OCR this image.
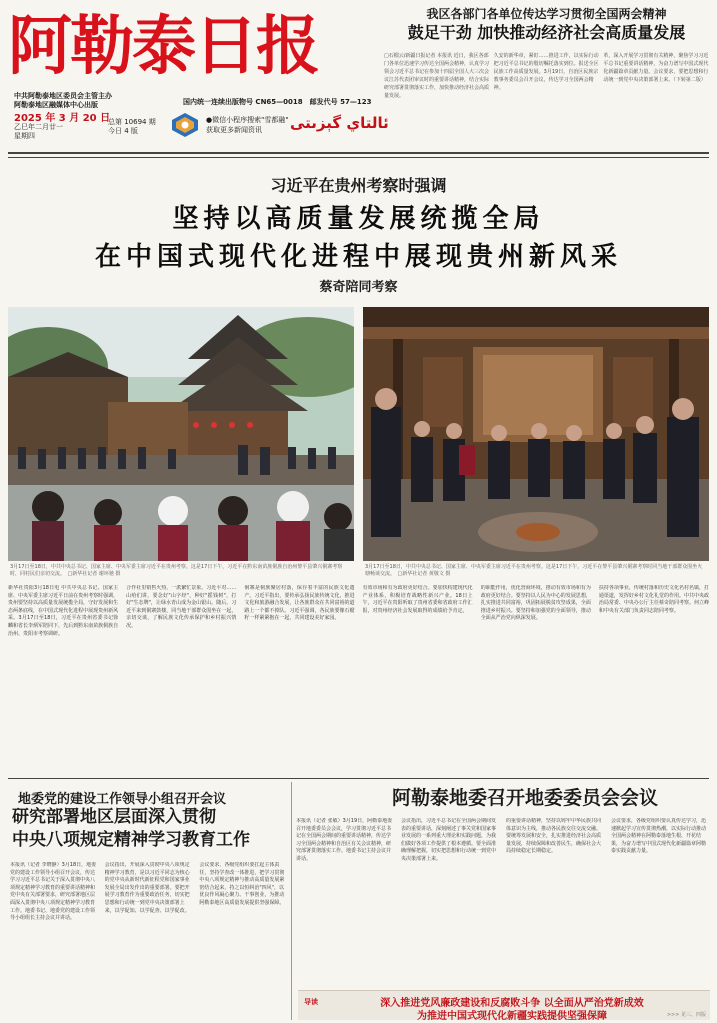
阿勒泰日报
中共阿勒泰地区委员会主管主办
阿勒泰地区融媒体中心出版	国内统一连续出版物号 CN65—0018　邮发代号 57—123
2025 年 3 月 20 日
乙巳年二月廿一
星期四
总第 10694 期
今日 4 版
●微信小程序搜索"雪都融"
获取更多新闻资讯	ئالتاي گېزىتى
我区各部门各单位传达学习贯彻全国两会精神
鼓足干劲 加快推动经济社会高质量发展

□石榴云/新疆日报记者 本报讯 近日，我区各部门各单位迅速学习传达全国两会精神，认真学习领会习近平总书记在参加十四届全国人大三次会议江苏代表团审议时的重要讲话精神，结合实际研究部署贯彻落实工作，加快推动经济社会高质量发展。

久安的新华章，紧盯……推进工作，以实际行动把习近平总书记的殷切嘱托落实到位。报送全区民族工作高质量发展。3月19日，自治区民族宗教事务委员会召开会议，传达学习全国两会精神。

革，深入开展学习贯彻有关精神，聚焦学习习近平总书记重要讲话精神，为奋力谱写中国式现代化新疆篇章贡献力量。会议要求，要把思想和行动统一到党中央决策部署上来。（下转第二版）

习近平在贵州考察时强调
坚持以高质量发展统揽全局
在中国式现代化进程中展现贵州新风采
蔡奇陪同考察
3月17日至18日，中共中央总书记、国家主席、中央军委主席习近平在贵州考察。这是17日下午，习近平在黔东南苗族侗族自治州黎平县肇兴侗寨考察时，同村民们亲切交流。　□新华社记者 谢环驰 摄
3月17日至18日，中共中央总书记、国家主席、中央军委主席习近平在贵州考察。这是17日下午，习近平在黎平县肇兴侗寨考察时同当地干部群众围坐火塘畅谈交流。　□新华社记者 黄敬文 摄

新华社贵阳3月18日电 中共中央总书记、国家主席、中央军委主席习近平日前在贵州考察时强调，贵州要坚持以高质量发展统揽全局，守好发展和生态两条底线，在中国式现代化进程中展现贵州新风采。3月17日至18日，习近平在贵州省委书记徐麟和省长李炳军陪同下，先后到黔东南苗族侗族自治州、贵阳市考察调研。

合作社里销售火热，一派繁忙景象。习近平对……山哈们讲，要念好"山字经"，种好"摇钱树"，打好"生态牌"，让绿水青山成为金山银山。随后，习近平来到侗寨鼓楼，同当地干部群众围坐在一起，亲切交谈，了解民族文化传承保护和乡村振兴情况。

侗寨是侗族聚居村落，保存着丰富的民族文化遗产。习近平指出，要传承弘扬民族传统文化，推进文化和旅游融合发展，让各族群众在共同富裕的道路上一个都不掉队。习近平强调，各民族要像石榴籽一样紧紧抱在一起，共同建设美好家园。

有效市场和有为政府更好结合。要加快构建现代化产业体系，积极培育战略性新兴产业。18日上午，习近平在贵阳听取了贵州省委和省政府工作汇报，对贵州经济社会发展取得的成绩给予肯定。

的职能作用，优化营商环境，推动有效市场和有为政府更好结合。要坚持以人民为中心的发展思想，扎实推进共同富裕，巩固拓展脱贫攻坚成果，全面推进乡村振兴。要坚持和加强党的全面领导，推动全面从严治党向纵深发展。

扶持各项事业，传统村落和历史文化名村名镇，打通渠道，发挥好乡村文化礼堂的作用。中共中央政治局常委、中央办公厅主任蔡奇陪同考察。何立峰和中央有关部门负责同志陪同考察。

地委党的建设工作领导小组召开会议
研究部署地区层面深入贯彻
中央八项规定精神学习教育工作

本报讯（记者 李晓静）3月18日，地委党的建设工作领导小组召开会议，传达学习习近平总书记关于深入贯彻中央八项规定精神学习教育的重要讲话精神和党中央有关部署要求，研究部署地区层面深入贯彻中央八项规定精神学习教育工作。地委书记、地委党的建设工作领导小组组长主持会议并讲话。

会议指出，开展深入贯彻中央八项规定精神学习教育，是以习近平同志为核心的党中央从新时代新征程党和国家事业发展全局出发作出的重要部署。要把开展学习教育作为重要政治任务，切实把思想和行动统一到党中央决策部署上来，以学促知、以学促查、以学促改。

会议要求，各级党组织要扛起主体责任，坚持学查改一体推进，把学习贯彻中央八项规定精神与推动高质量发展紧密结合起来，持之以恒纠治"四风"，以优良作风凝心聚力、干事创业，为推动阿勒泰地区高质量发展提供坚强保障。

阿勒泰地委召开地委委员会会议

本报讯（记者 张敏）3月19日，阿勒泰地委召开地委委员会会议，学习贯彻习近平总书记在全国两会期间的重要讲话精神，传达学习全国两会精神和自治区有关会议精神，研究部署贯彻落实工作。地委书记主持会议并讲话。

会议指出，习近平总书记在全国两会期间发表的重要讲话，深刻阐述了事关党和国家事业发展的一系列重大理论和实践问题，为我们做好各项工作提供了根本遵循。要全面准确理解把握，切实把思想和行动统一到党中央决策部署上来。

的重要讲话精神，坚持以铸牢中华民族共同体意识为主线，推动各民族交往交流交融。要统筹发展和安全，扎实推进经济社会高质量发展，持续保障和改善民生，确保社会大局持续稳定长期稳定。

会议要求，各级党组织要认真传达学习，迅速掀起学习宣传贯彻热潮，以实际行动推动全国两会精神在阿勒泰落地生根、开花结果，为奋力谱写中国式现代化新疆篇章阿勒泰实践贡献力量。

导读	深入推进党风廉政建设和反腐败斗争 以全面从严治党新成效
为推进中国式现代化新疆实践提供坚强保障	>>> 见三、四版
